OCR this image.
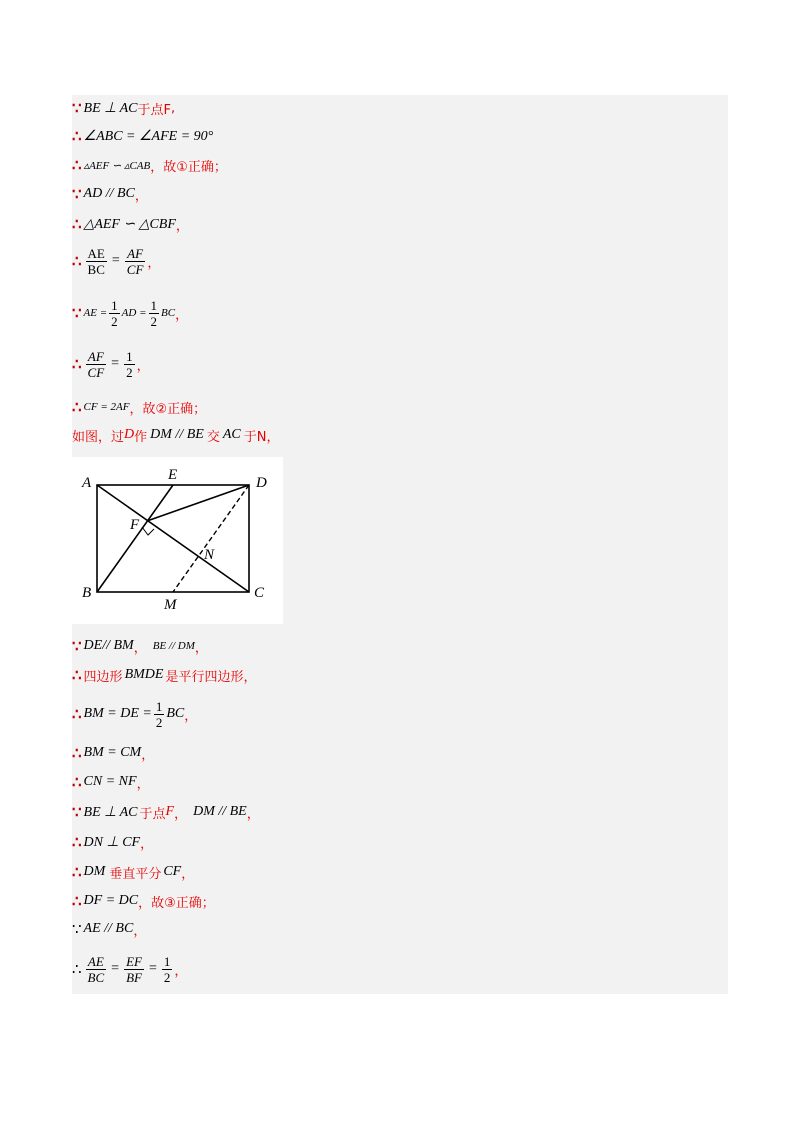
∵ BE ⊥ AC 于点F ,
∴ ∠ABC = ∠AFE = 90°
∴ ▵AEF ∽ ▵CAB ，故①正确；
∵ AD // BC ，
∴ △AEF ∽ △CBF ，
∴ $\frac{AE}{BC} = \frac{AF}{CF}$ ，
∵ AE = $\frac{1}{2}$ AD = $\frac{1}{2}$ BC ，
∴ $\frac{AF}{CF} = \frac{1}{2}$ ，
∴ CF = 2AF ，故②正确；
如图，过 D 作 DM // BE 交 AC 于N，
A	E	D
F
N
B
M
C
∵ DE// BM ， BE // DM ，
∴ 四边形 BMDE 是平行四边形，
∴ BM = DE = $\frac{1}{2}$ BC ，
∴ BM = CM ，
∴ CN = NF ，
∵ BE ⊥ AC 于点 F ， DM // BE ，
∴ DN ⊥ CF ，
∴ DM 垂直平分 CF ，
∴ DF = DC ，故③正确；
∵ AE // BC ，
∴ $\frac{AE}{BC} = \frac{EF}{BF} = \frac{1}{2}$ ，
